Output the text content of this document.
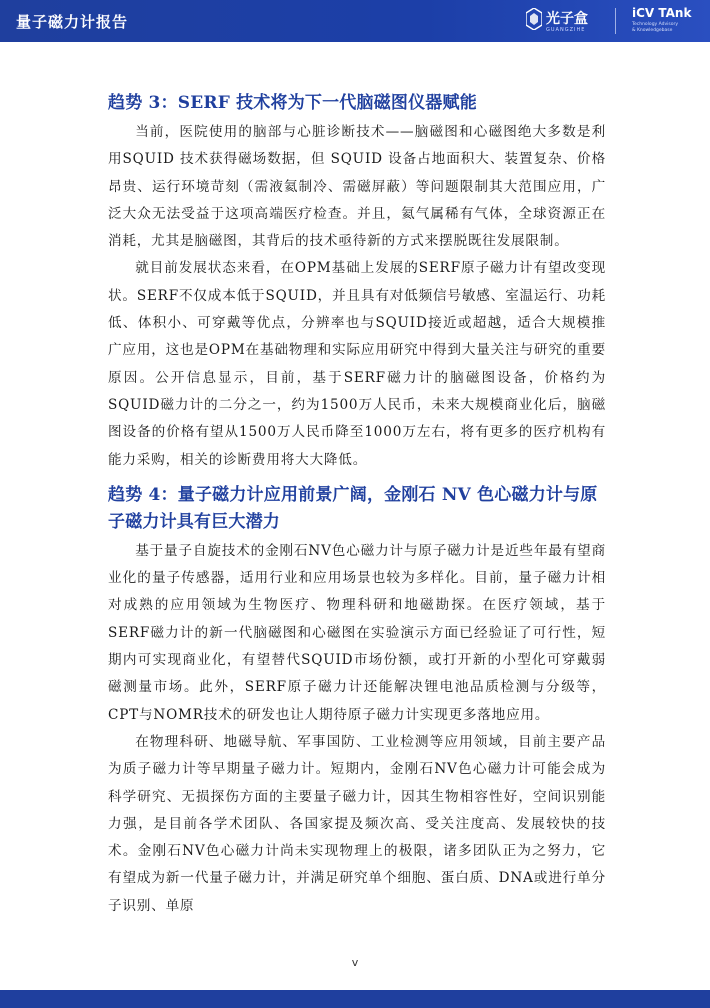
量子磁力计报告	光子盒
GUANGZIHE
iCV TAnk
Technology Advisory
& Knowledgebase
趋势 3：SERF 技术将为下一代脑磁图仪器赋能

当前，医院使用的脑部与心脏诊断技术——脑磁图和心磁图绝大多数是利用SQUID 技术获得磁场数据，但 SQUID 设备占地面积大、装置复杂、价格昂贵、运行环境苛刻（需液氦制冷、需磁屏蔽）等问题限制其大范围应用，广泛大众无法受益于这项高端医疗检查。并且，氦气属稀有气体，全球资源正在消耗，尤其是脑磁图，其背后的技术亟待新的方式来摆脱既往发展限制。

就目前发展状态来看，在OPM基础上发展的SERF原子磁力计有望改变现状。SERF不仅成本低于SQUID，并且具有对低频信号敏感、室温运行、功耗低、体积小、可穿戴等优点，分辨率也与SQUID接近或超越，适合大规模推广应用，这也是OPM在基础物理和实际应用研究中得到大量关注与研究的重要原因。公开信息显示，目前，基于SERF磁力计的脑磁图设备，价格约为SQUID磁力计的二分之一，约为1500万人民币，未来大规模商业化后，脑磁图设备的价格有望从1500万人民币降至1000万左右，将有更多的医疗机构有能力采购，相关的诊断费用将大大降低。

趋势 4：量子磁力计应用前景广阔，金刚石 NV 色心磁力计与原子磁力计具有巨大潜力

基于量子自旋技术的金刚石NV色心磁力计与原子磁力计是近些年最有望商业化的量子传感器，适用行业和应用场景也较为多样化。目前，量子磁力计相对成熟的应用领域为生物医疗、物理科研和地磁勘探。在医疗领域，基于SERF磁力计的新一代脑磁图和心磁图在实验演示方面已经验证了可行性，短期内可实现商业化，有望替代SQUID市场份额，或打开新的小型化可穿戴弱磁测量市场。此外，SERF原子磁力计还能解决锂电池品质检测与分级等，CPT与NOMR技术的研发也让人期待原子磁力计实现更多落地应用。

在物理科研、地磁导航、军事国防、工业检测等应用领域，目前主要产品为质子磁力计等早期量子磁力计。短期内，金刚石NV色心磁力计可能会成为科学研究、无损探伤方面的主要量子磁力计，因其生物相容性好，空间识别能力强，是目前各学术团队、各国家提及频次高、受关注度高、发展较快的技术。金刚石NV色心磁力计尚未实现物理上的极限，诸多团队正为之努力，它有望成为新一代量子磁力计，并满足研究单个细胞、蛋白质、DNA或进行单分子识别、单原

v
